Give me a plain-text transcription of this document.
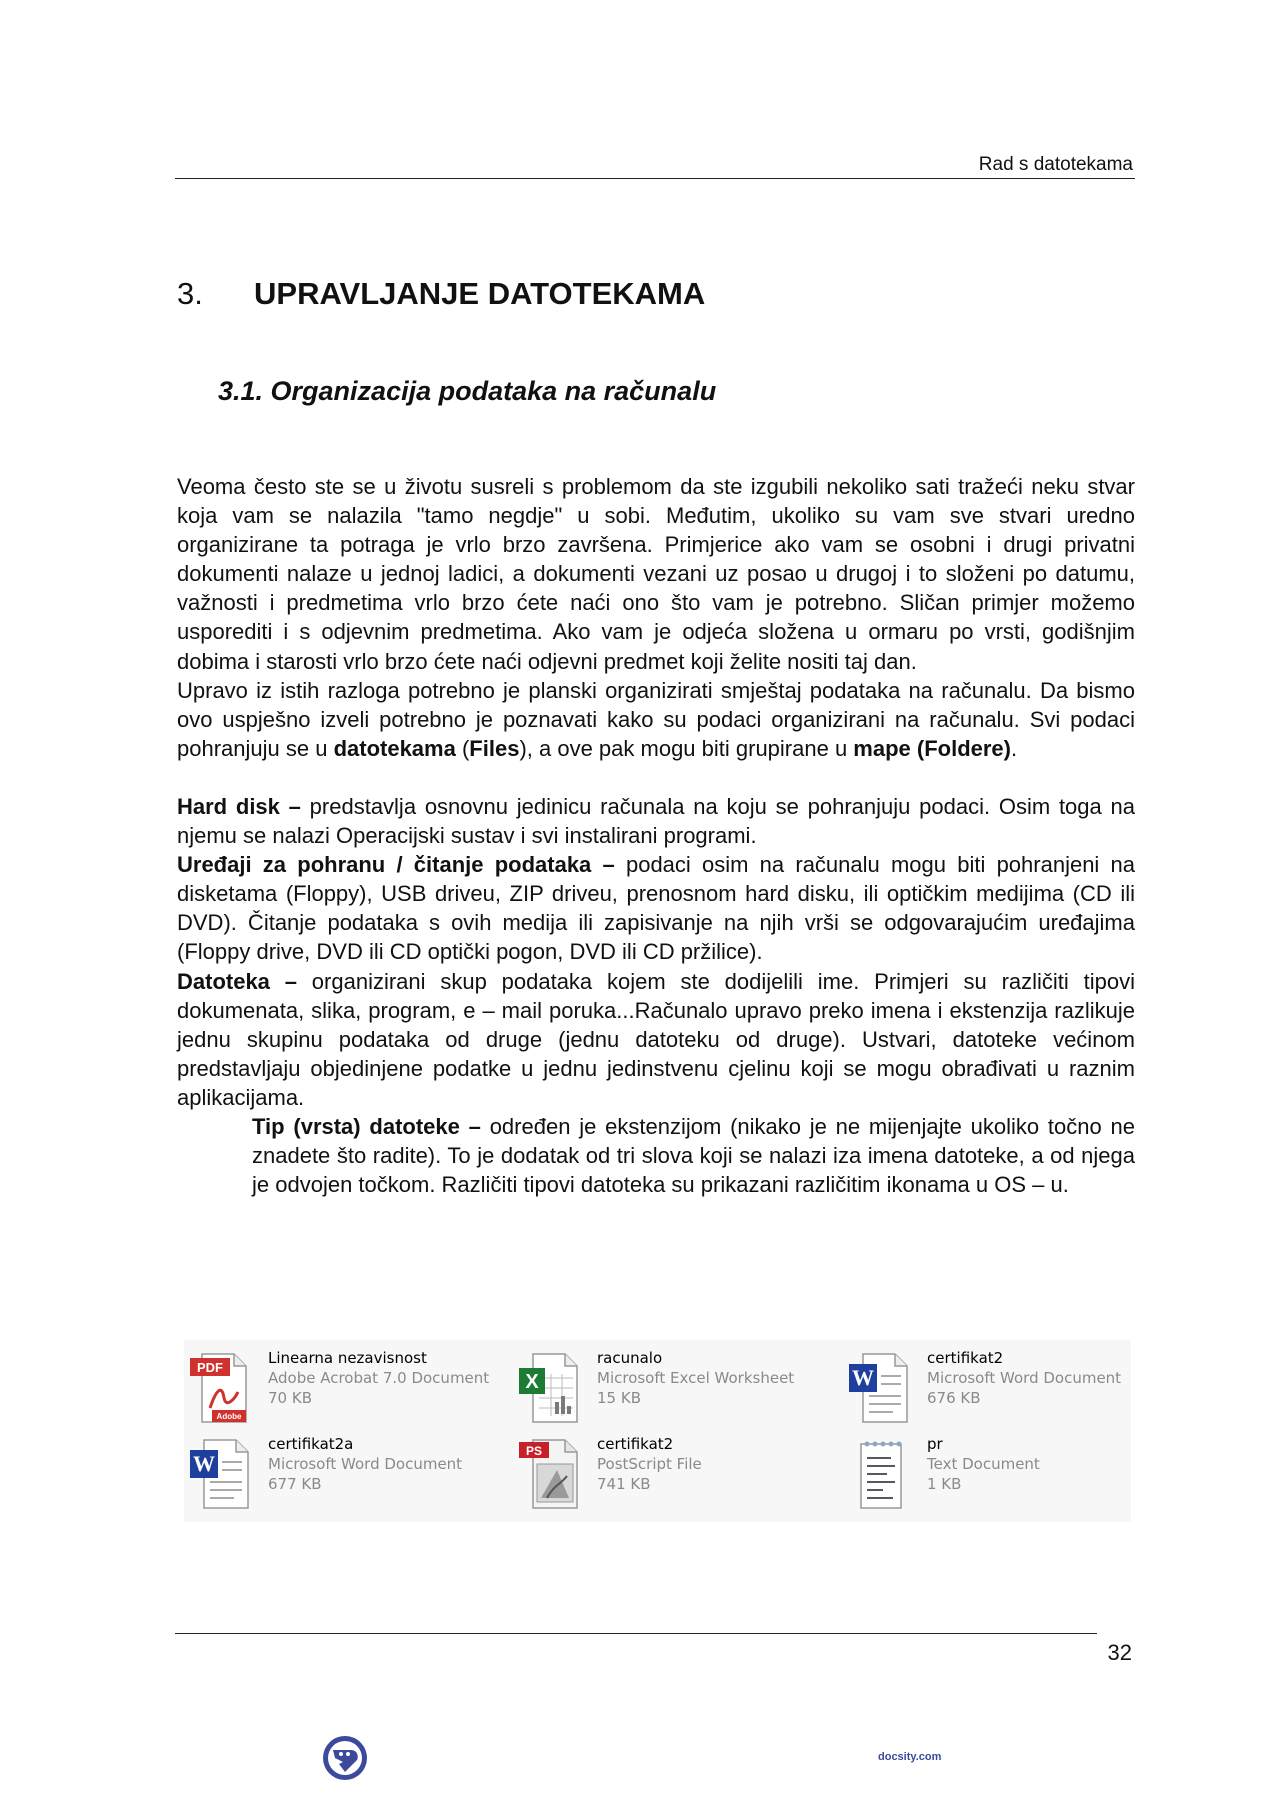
Rad s datotekama
3. UPRAVLJANJE DATOTEKAMA
3.1. Organizacija podataka na računalu

Veoma često ste se u životu susreli s problemom da ste izgubili nekoliko sati tražeći neku stvar koja vam se nalazila "tamo negdje" u sobi. Međutim, ukoliko su vam sve stvari uredno organizirane ta potraga je vrlo brzo završena. Primjerice ako vam se osobni i drugi privatni dokumenti nalaze u jednoj ladici, a dokumenti vezani uz posao u drugoj i to složeni po datumu, važnosti i predmetima vrlo brzo ćete naći ono što vam je potrebno. Sličan primjer možemo usporediti i s odjevnim predmetima. Ako vam je odjeća složena u ormaru po vrsti, godišnjim dobima i starosti vrlo brzo ćete naći odjevni predmet koji želite nositi taj dan.

Upravo iz istih razloga potrebno je planski organizirati smještaj podataka na računalu. Da bismo ovo uspješno izveli potrebno je poznavati kako su podaci organizirani na računalu. Svi podaci pohranjuju se u datotekama (Files), a ove pak mogu biti grupirane u mape (Foldere).

Hard disk – predstavlja osnovnu jedinicu računala na koju se pohranjuju podaci. Osim toga na njemu se nalazi Operacijski sustav i svi instalirani programi.

Uređaji za pohranu / čitanje podataka – podaci osim na računalu mogu biti pohranjeni na disketama (Floppy), USB driveu, ZIP driveu, prenosnom hard disku, ili optičkim medijima (CD ili DVD). Čitanje podataka s ovih medija ili zapisivanje na njih vrši se odgovarajućim uređajima (Floppy drive, DVD ili CD optički pogon, DVD ili CD pržilice).

Datoteka – organizirani skup podataka kojem ste dodijelili ime. Primjeri su različiti tipovi dokumenata, slika, program, e – mail poruka...Računalo upravo preko imena i ekstenzija razlikuje jednu skupinu podataka od druge (jednu datoteku od druge). Ustvari, datoteke većinom predstavljaju objedinjene podatke u jednu jedinstvenu cjelinu koji se mogu obrađivati u raznim aplikacijama.

Tip (vrsta) datoteke – određen je ekstenzijom (nikako je ne mijenjajte ukoliko točno ne znadete što radite). To je dodatak od tri slova koji se nalazi iza imena datoteke, a od njega je odvojen točkom. Različiti tipovi datoteka su prikazani različitim ikonama u OS – u.

PDF
Adobe
Linearna nezavisnost
Adobe Acrobat 7.0 Document
70 KB
X
racunalo
Microsoft Excel Worksheet
15 KB
W
certifikat2
Microsoft Word Document
676 KB
W
certifikat2a
Microsoft Word Document
677 KB
PS	certifikat2
PostScript File
741 KB
pr
Text Document
1 KB
32
docsity.com
